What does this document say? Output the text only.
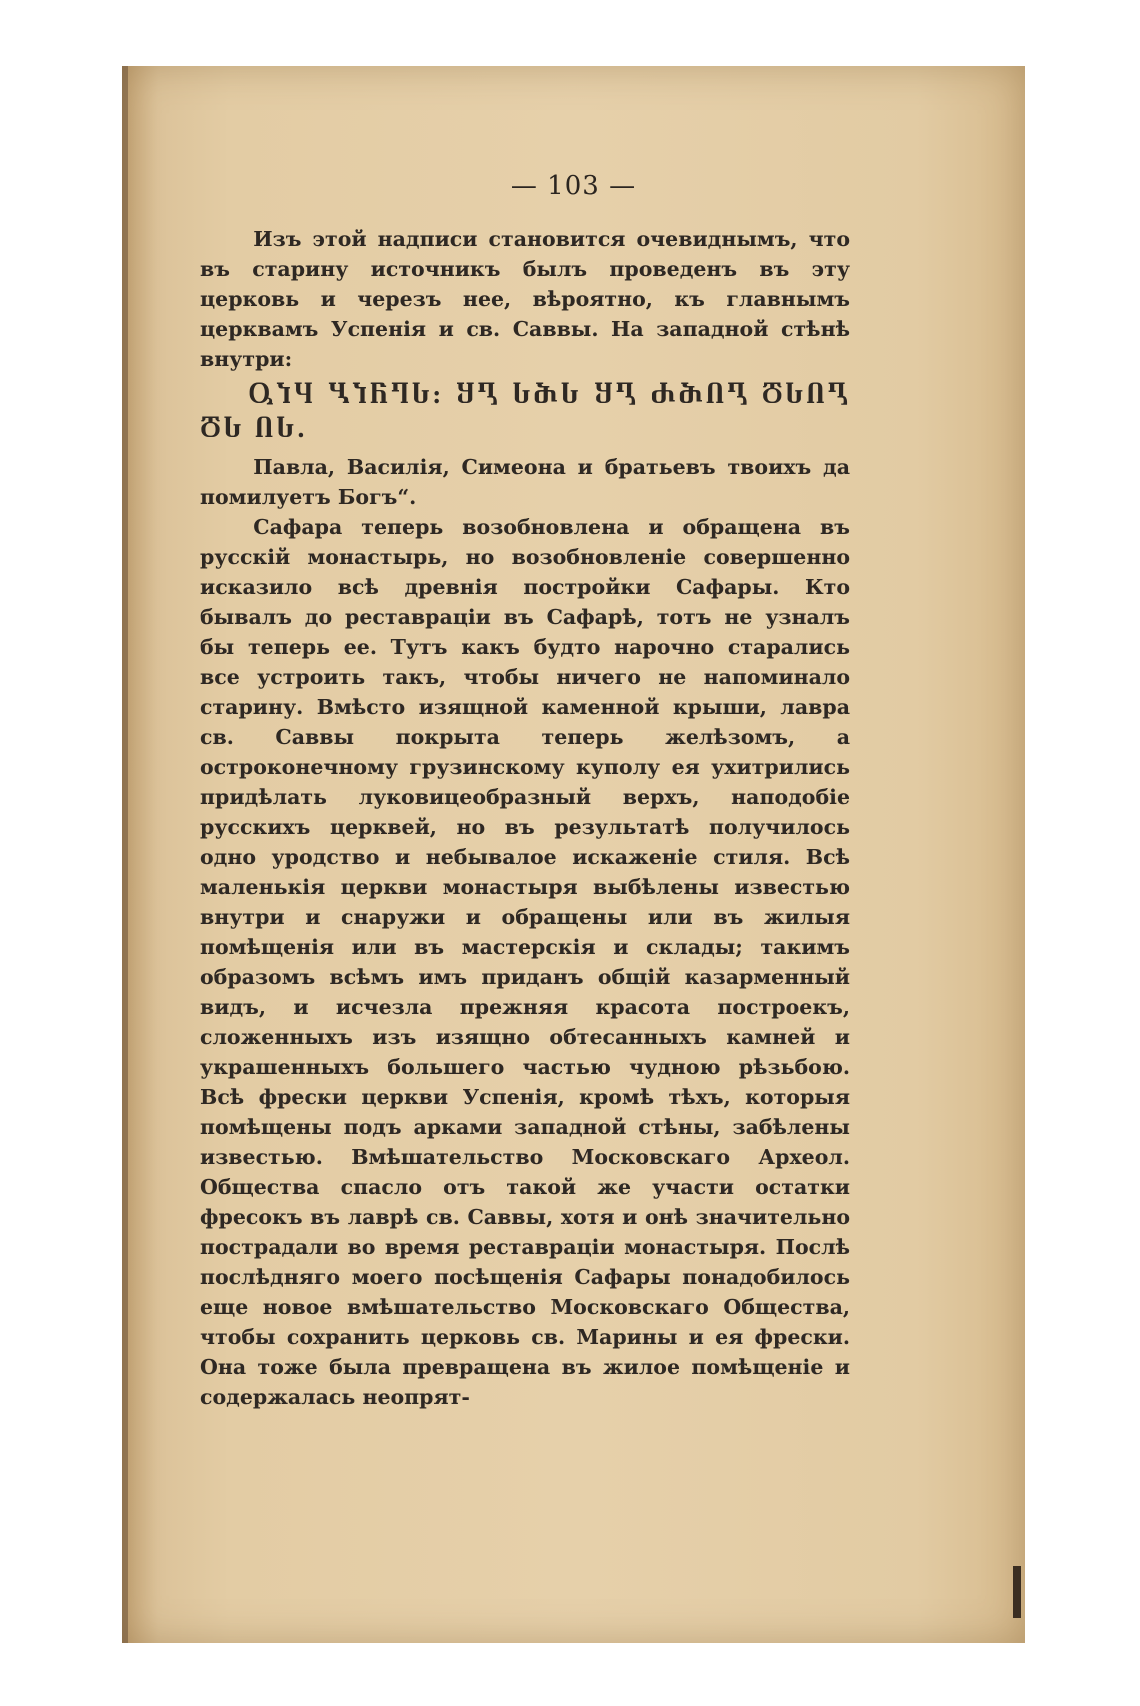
— 103 —

Изъ этой надписи становится очевиднымъ, что въ старину источникъ былъ проведенъ въ эту церковь и черезъ нее, вѣроятно, къ главнымъ церквамъ Успенія и св. Саввы. На западной стѣнѣ внутри:

ႳႨႷ ႡႨႬႤႱ: ႸႢ ႱႫႱ ႸႢ ႻႫႶႢ ႣႱႶႢ ႣႱ ႶႱ.

Павла, Василія, Симеона и братьевъ твоихъ да помилуетъ Богъ“.

Сафара теперь возобновлена и обращена въ русскій монастырь, но возобновленіе совершенно исказило всѣ древнія постройки Сафары. Кто бывалъ до реставраціи въ Сафарѣ, тотъ не узналъ бы теперь ее. Тутъ какъ будто нарочно старались все устроить такъ, чтобы ничего не напоминало старину. Вмѣсто изящной каменной крыши, лавра св. Саввы покрыта теперь желѣзомъ, а остроконечному грузинскому куполу ея ухитрились придѣлать луковицеобразный верхъ, наподобіе русскихъ церквей, но въ результатѣ получилось одно уродство и небывалое искаженіе стиля. Всѣ маленькія церкви монастыря выбѣлены известью внутри и снаружи и обращены или въ жилыя помѣщенія или въ мастерскія и склады; такимъ образомъ всѣмъ имъ приданъ общій казарменный видъ, и исчезла прежняя красота построекъ, сложенныхъ изъ изящно обтесанныхъ камней и украшенныхъ большего частью чудною рѣзьбою. Всѣ фрески церкви Успенія, кромѣ тѣхъ, которыя помѣщены подъ арками западной стѣны, забѣлены известью. Вмѣшательство Московскаго Археол. Общества спасло отъ такой же участи остатки фресокъ въ лаврѣ св. Саввы, хотя и онѣ значительно пострадали во время реставраціи монастыря. Послѣ послѣдняго моего посѣщенія Сафары понадобилось еще новое вмѣшательство Московскаго Общества, чтобы сохранить церковь св. Марины и ея фрески. Она тоже была превращена въ жилое помѣщеніе и содержалась неопрят-
